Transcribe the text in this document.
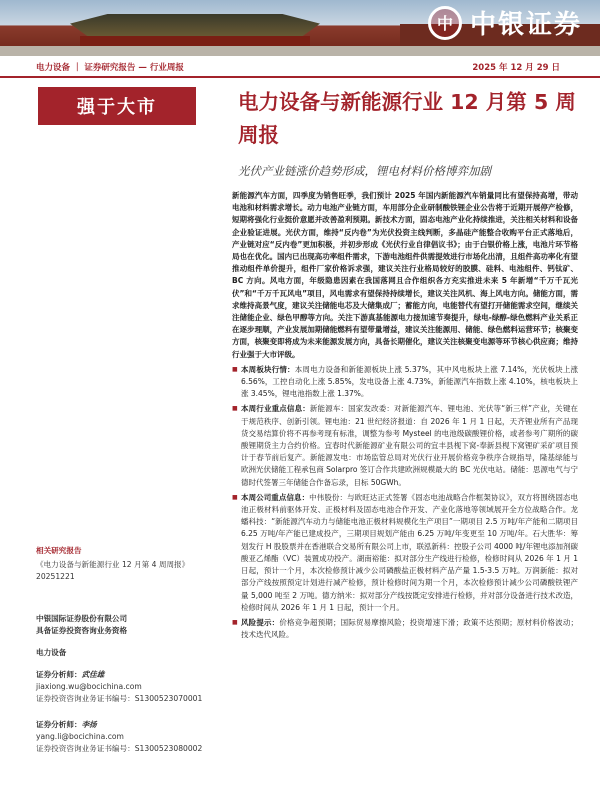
中 中银证券
电力设备 ｜ 证券研究报告 — 行业周报	2025 年 12 月 29 日
强于大市	电力设备与新能源行业 12 月第 5 周周报
光伏产业链涨价趋势形成，锂电材料价格博弈加剧
新能源汽车方面，四季度为销售旺季，我们预计 2025 年国内新能源汽车销量同比有望保持高增，带动电池和材料需求增长。动力电池产业链方面，车用部分企业研制酸铁锂企业公告将于近期开展停产检修，短期将强化行业挺价意愿并改善盈利预期。新技术方面，固态电池产业化持续推进，关注相关材料和设备企业验证进展。光伏方面，维持“反内卷”为光伏投资主线判断，多晶硅产能整合收购平台正式落地后，产业链对应“反内卷”更加积极，并初步形成《光伏行业自律倡议书》；由于白银价格上涨，电池片环节格局也在优化。国内已出现高功率组件需求，下游电池组件供需提效进行市场化出清，且组件高功率化有望推动组件单价提升，组件厂家价格诉求强，建议关注行业格局较好的胶膜、硅料、电池组件、钙钛矿、BC 方向。风电方面，年级隐患因素在我国落网且合作组织各方充实推进未来 5 年新增“千万千瓦光伏”和“千万千瓦风电”项目，风电需求有望保持持续增长，建议关注风机、海上风电方向。储能方面，需求维持高景气度，建议关注储能电芯及大储集成厂；蓄能方向，电能替代有望打开储能需求空间，继续关注储能企业、绿色甲醇等方向。关注下游真基能源电力接加速节奏提升，绿电-绿醇-绿色燃料产业关系正在逐步理顺，产业发展加期储能燃料有望带量增益，建议关注能源用、储能、绿色燃料运营环节；核聚变方面，核聚变即将成为未来能源发展方向，具备长期催化，建议关注核聚变电源等环节核心供应商；维持行业强于大市评级。
■ 本周板块行情：本周电力设备和新能源板块上涨 5.37%，其中风电板块上涨 7.14%，光伏板块上涨 6.56%，工控自动化上涨 5.85%，发电设备上涨 4.73%，新能源汽车指数上涨 4.10%，核电板块上涨 3.45%，锂电池指数上涨 1.37%。
■ 本周行业重点信息：新能源车：国家发改委：对新能源汽车、锂电池、光伏等“新三样”产业，关键在于规范秩序、创新引领。锂电池：21 世纪经济报道：自 2026 年 1 月 1 日起，天齐锂业所有产品现货交易结算价将不再参考现有标准，调整为参考 Mysteel 的电池级碳酸锂价格，或者参考广期所的碳酸锂期货主力合约价格。宜春时代新能源矿业有限公司的宜丰县枧下窝-奉新县枧下窝锂矿采矿项目预计于春节前后复产。新能源发电：市场监管总局对光伏行业开展价格竞争秩序合规指导，隆基绿能与欧洲光伏储能工程承包商 Solarpro 签订合作共建欧洲规模最大的 BC 光伏电站。储能：思源电气与宁德时代签署三年储能合作备忘录，目标 50GWh。
■ 本周公司重点信息：中伟股份：与欧旺达正式签署《固态电池战略合作框架协议》，双方将围绕固态电池正极材料前驱体开发、正极材料及固态电池合作开发、产业化落地等领域展开全方位战略合作。龙蟠科技：“新能源汽车动力与储能电池正极材料规模化生产项目”一期项目 2.5 万吨/年产能和二期项目 6.25 万吨/年产能已建成投产，三期项目规划产能由 6.25 万吨/年变更至 10 万吨/年。石大胜华：筹划发行 H 股股票并在香港联合交易所有限公司上市，联泓新科：控股子公司 4000 吨/年锂电添加剂碳酸亚乙烯酯（VC）装置成功投产。湖南裕能：拟对部分生产线进行检修，检修时间从 2026 年 1 月 1 日起，预计一个月，本次检修预计减少公司磷酸盐正极材料产品产量 1.5-3.5 万吨。万润新能：拟对部分产线按照预定计划进行减产检修，预计检修时间为期一个月，本次检修预计减少公司磷酸铁锂产量 5,000 吨至 2 万吨。德方纳米：拟对部分产线按既定安排进行检修，并对部分设备进行技术改造，检修时间从 2026 年 1 月 1 日起，预计一个月。
■ 风险提示：价格竞争超预期；国际贸易摩擦风险；投资增速下滑；政策不达预期；原材料价格波动；技术迭代风险。
相关研究报告
《电力设备与新能源行业 12 月第 4 周周报》20251221
中银国际证券股份有限公司
具备证券投资咨询业务资格
电力设备
证券分析师：武佳雄
jiaxiong.wu@bocichina.com
证券投资咨询业务证书编号：S1300523070001
证券分析师：李扬
yang.li@bocichina.com
证券投资咨询业务证书编号：S1300523080002
